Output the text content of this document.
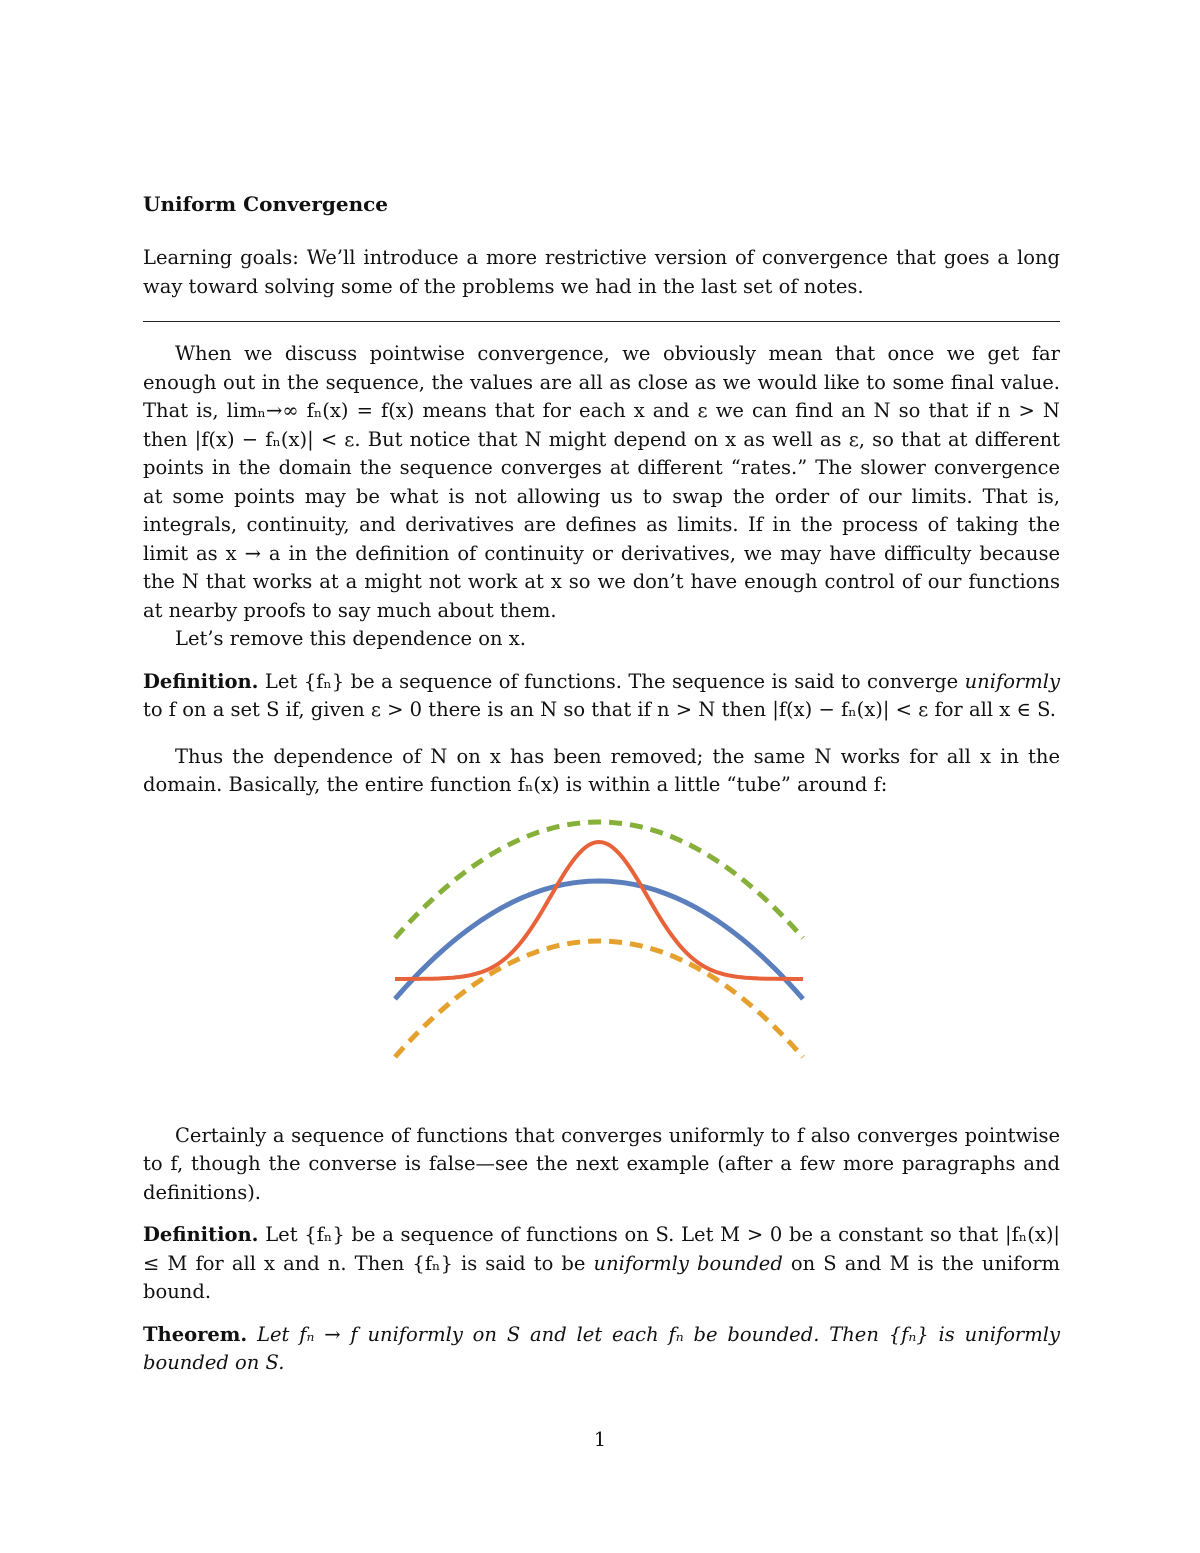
Uniform Convergence

Learning goals: We’ll introduce a more restrictive version of convergence that goes a long way toward solving some of the problems we had in the last set of notes.

When we discuss pointwise convergence, we obviously mean that once we get far enough out in the sequence, the values are all as close as we would like to some final value. That is, limₙ→∞ fₙ(x) = f(x) means that for each x and ε we can find an N so that if n > N then |f(x) − fₙ(x)| < ε. But notice that N might depend on x as well as ε, so that at different points in the domain the sequence converges at different “rates.” The slower convergence at some points may be what is not allowing us to swap the order of our limits. That is, integrals, continuity, and derivatives are defines as limits. If in the process of taking the limit as x → a in the definition of continuity or derivatives, we may have difficulty because the N that works at a might not work at x so we don’t have enough control of our functions at nearby proofs to say much about them.

Let’s remove this dependence on x.

Definition. Let {fₙ} be a sequence of functions. The sequence is said to converge uniformly to f on a set S if, given ε > 0 there is an N so that if n > N then |f(x) − fₙ(x)| < ε for all x ∈ S.

Thus the dependence of N on x has been removed; the same N works for all x in the domain. Basically, the entire function fₙ(x) is within a little “tube” around f:

Certainly a sequence of functions that converges uniformly to f also converges pointwise to f, though the converse is false—see the next example (after a few more paragraphs and definitions).

Definition. Let {fₙ} be a sequence of functions on S. Let M > 0 be a constant so that |fₙ(x)| ≤ M for all x and n. Then {fₙ} is said to be uniformly bounded on S and M is the uniform bound.

Theorem. Let fₙ → f uniformly on S and let each fₙ be bounded. Then {fₙ} is uniformly bounded on S.

1
